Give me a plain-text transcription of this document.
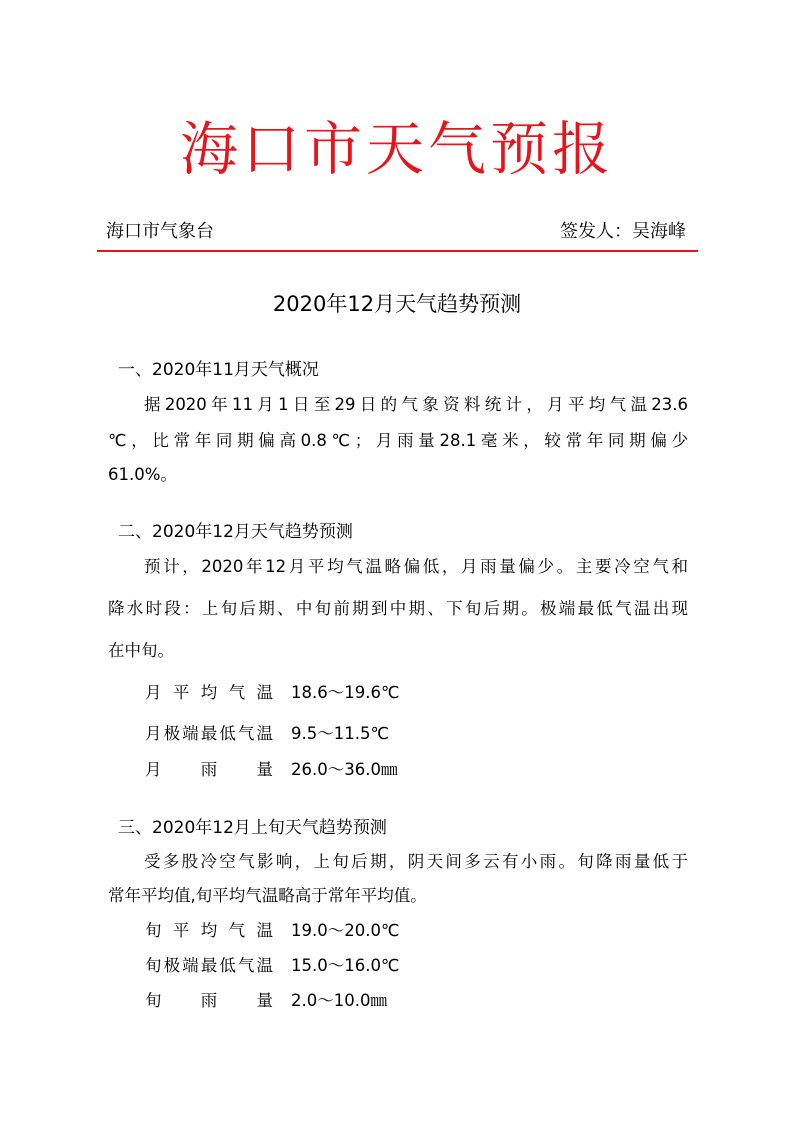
海口市天气预报
海口市气象台	签发人：吴海峰
2020年12月天气趋势预测
一、2020年11月天气概况
据2020年11月1日至29日的气象资料统计，月平均气温23.6
℃，比常年同期偏高0.8℃；月雨量28.1毫米，较常年同期偏少
61.0%。
二、2020年12月天气趋势预测
预计，2020年12月平均气温略偏低，月雨量偏少。主要冷空气和
降水时段：上旬后期、中旬前期到中期、下旬后期。极端最低气温出现
在中旬。
月平均气温 18.6～19.6℃
月极端最低气温 9.5～11.5℃
月雨量 26.0～36.0㎜
三、2020年12月上旬天气趋势预测
受多股冷空气影响，上旬后期，阴天间多云有小雨。旬降雨量低于
常年平均值,旬平均气温略高于常年平均值。
旬平均气温 19.0～20.0℃
旬极端最低气温 15.0～16.0℃
旬雨量 2.0～10.0㎜
